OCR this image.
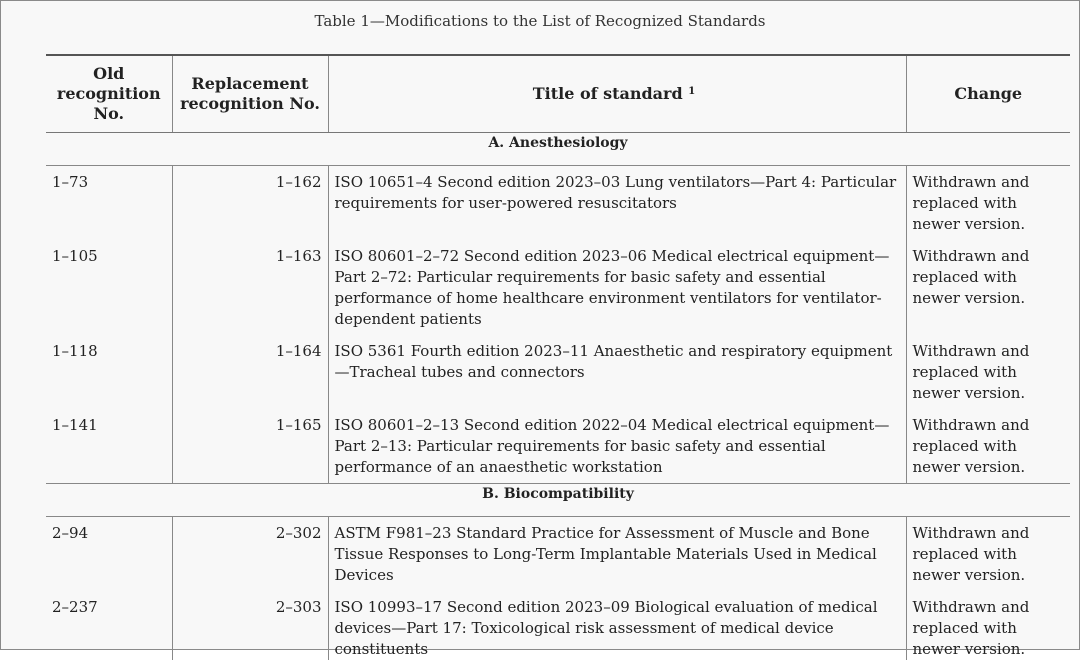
Table 1—Modifications to the List of Recognized Standards
Old
recognition
No.	Replacement
recognition No.	Title of standard $^1$	Change
A. Anesthesiology			
1–73	1–162	ISO 10651–4 Second edition 2023–03 Lung ventilators—Part 4: Particular requirements for user-powered resuscitators	Withdrawn and replaced with newer version.
1–105	1–163	ISO 80601–2–72 Second edition 2023–06 Medical electrical equipment—Part 2–72: Particular requirements for basic safety and essential performance of home healthcare environment ventilators for ventilator-dependent patients	Withdrawn and replaced with newer version.
1–118	1–164	ISO 5361 Fourth edition 2023–11 Anaesthetic and respiratory equipment—Tracheal tubes and connectors	Withdrawn and replaced with newer version.
1–141	1–165	ISO 80601–2–13 Second edition 2022–04 Medical electrical equipment—Part 2–13: Particular requirements for basic safety and essential performance of an anaesthetic workstation	Withdrawn and replaced with newer version.
B. Biocompatibility			
2–94	2–302	ASTM F981–23 Standard Practice for Assessment of Muscle and Bone Tissue Responses to Long-Term Implantable Materials Used in Medical Devices	Withdrawn and replaced with newer version.
2–237	2–303	ISO 10993–17 Second edition 2023–09 Biological evaluation of medical devices—Part 17: Toxicological risk assessment of medical device constituents	Withdrawn and replaced with newer version.
